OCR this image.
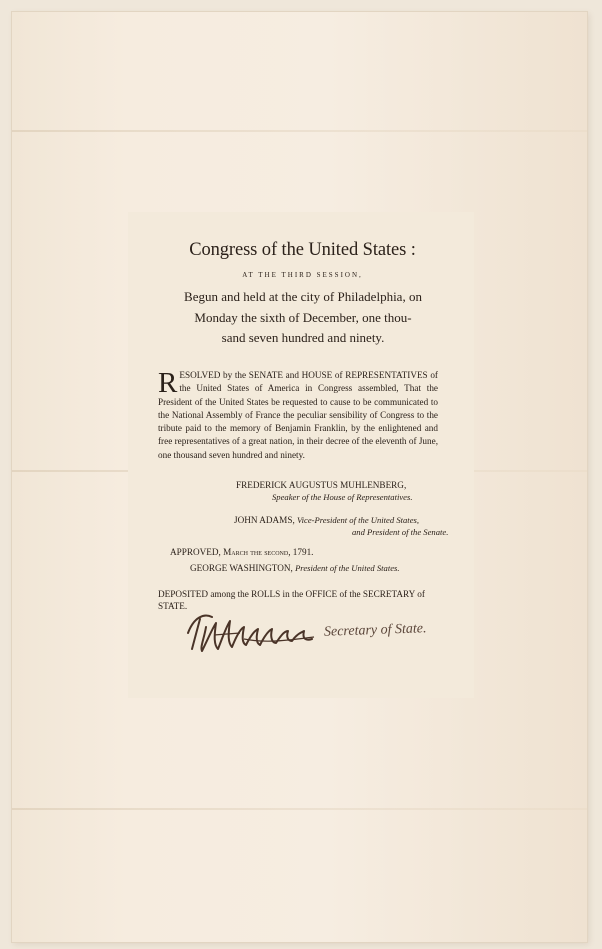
Congress of the United States :
AT THE THIRD SESSION,
Begun and held at the city of Philadelphia, on
Monday the sixth of December, one thou-
sand seven hundred and ninety.
RESOLVED by the SENATE and HOUSE of REPRESENTATIVES of the United States of America in Congress assembled, That the President of the United States be requested to cause to be communicated to the National Assembly of France the peculiar sensibility of Congress to the tribute paid to the memory of Benjamin Franklin, by the enlightened and free representatives of a great nation, in their decree of the eleventh of June, one thousand seven hundred and ninety.
FREDERICK AUGUSTUS MUHLENBERG,
Speaker of the House of Representatives.
JOHN ADAMS, Vice-President of the United States,
and President of the Senate.
APPROVED, March the second, 1791.
GEORGE WASHINGTON, President of the United States.
DEPOSITED among the ROLLS in the OFFICE of the SECRETARY of STATE.
Secretary of State.
